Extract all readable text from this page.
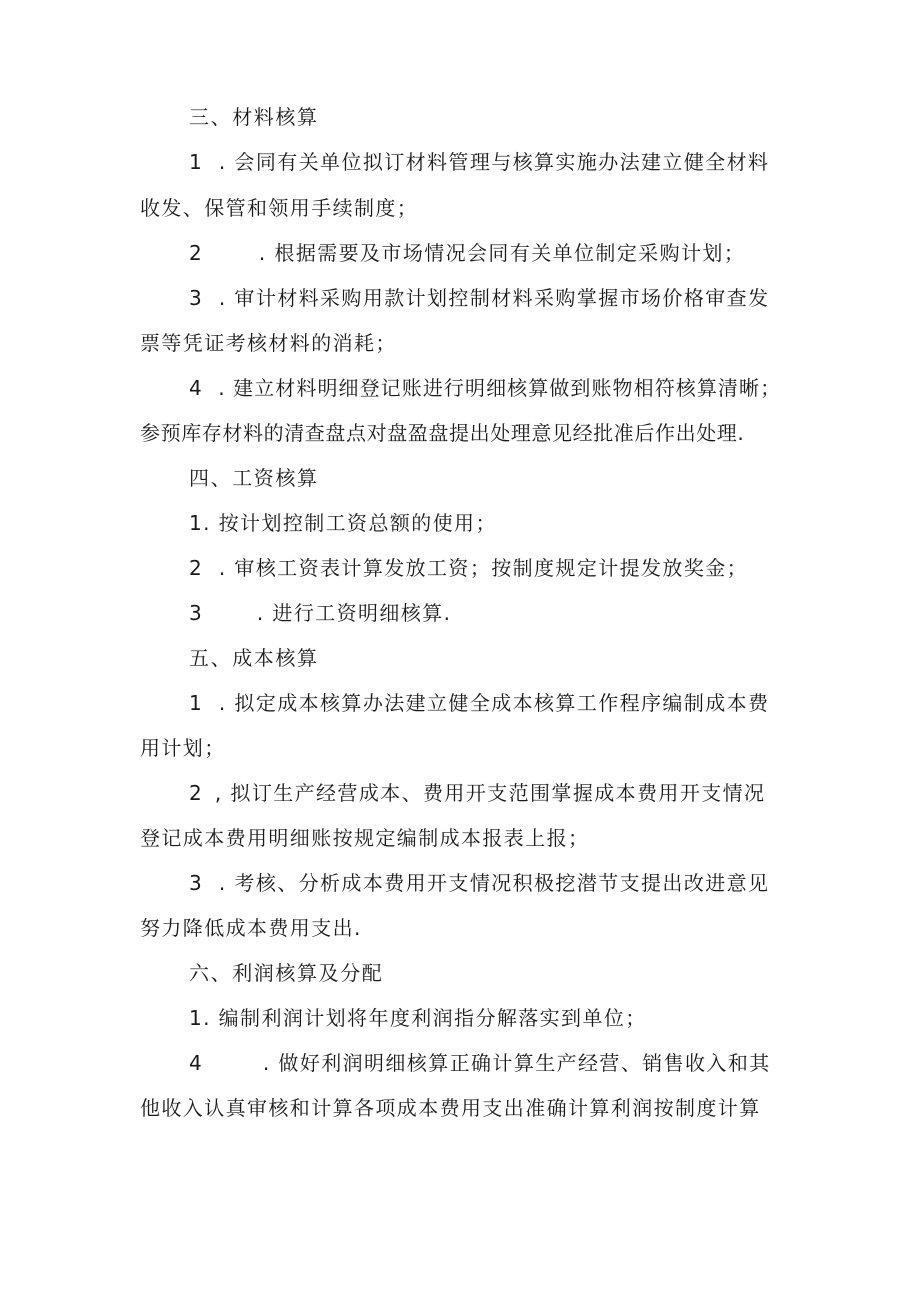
三、材料核算

1 . 会同有关单位拟订材料管理与核算实施办法建立健全材料

收发、保管和领用手续制度；

2	. 根据需要及市场情况会同有关单位制定采购计划；

3 . 审计材料采购用款计划控制材料采购掌握市场价格审查发

票等凭证考核材料的消耗；

4 . 建立材料明细登记账进行明细核算做到账物相符核算清晰；

参预库存材料的清查盘点对盘盈盘提出处理意见经批准后作出处理.

四、工资核算

1. 按计划控制工资总额的使用；

2 . 审核工资表计算发放工资；按制度规定计提发放奖金；

3	. 进行工资明细核算.

五、成本核算

1 . 拟定成本核算办法建立健全成本核算工作程序编制成本费

用计划；

2 , 拟订生产经营成本、费用开支范围掌握成本费用开支情况

登记成本费用明细账按规定编制成本报表上报；

3 . 考核、分析成本费用开支情况积极挖潜节支提出改进意见

努力降低成本费用支出.

六、利润核算及分配

1. 编制利润计划将年度利润指分解落实到单位；

4	. 做好利润明细核算正确计算生产经营、销售收入和其

他收入认真审核和计算各项成本费用支出准确计算利润按制度计算
